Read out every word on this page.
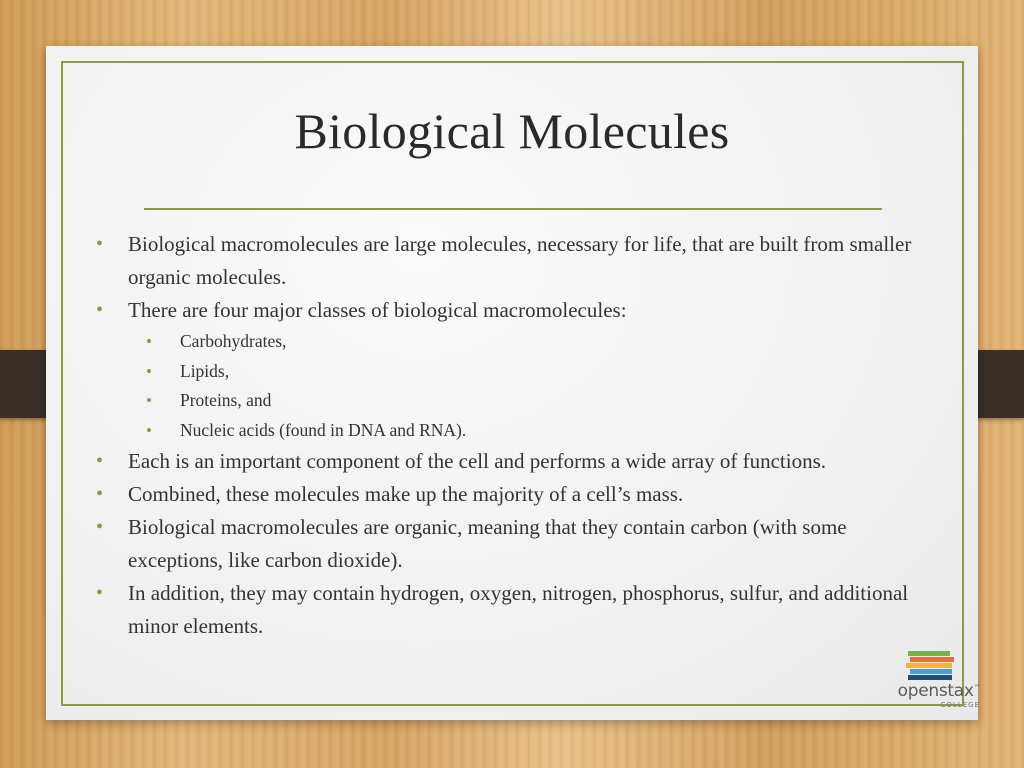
Biological Molecules
• Biological macromolecules are large molecules, necessary for life, that are built from smaller organic molecules.
• There are four major classes of biological macromolecules:
• Carbohydrates,
• Lipids,
• Proteins, and
• Nucleic acids (found in DNA and RNA).
• Each is an important component of the cell and performs a wide array of functions.
• Combined, these molecules make up the majority of a cell’s mass.
• Biological macromolecules are organic, meaning that they contain carbon (with some exceptions, like carbon dioxide).
• In addition, they may contain hydrogen, oxygen, nitrogen, phosphorus, sulfur, and additional minor elements.
openstax™
COLLEGE
